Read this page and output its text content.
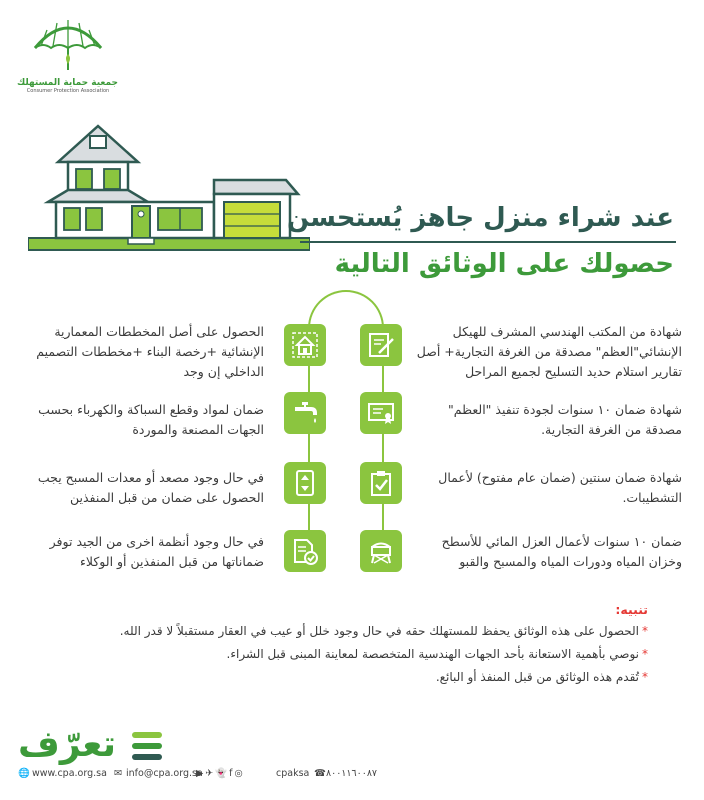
جمعية حماية المستهلك
Consumer Protection Association
عند شراء منزل جاهز يُستحسن
حصولك على الوثائق التالية
شهادة من المكتب الهندسي المشرف للهيكل الإنشائي"العظم" مصدقة من الغرفة التجارية+ أصل تقارير استلام حديد التسليح لجميع المراحل
شهادة ضمان ١٠ سنوات لجودة تنفيذ "العظم" مصدقة من الغرفة التجارية.
شهادة ضمان سنتين (ضمان عام مفتوح) لأعمال التشطيبات.
ضمان ١٠ سنوات لأعمال العزل المائي للأسطح وخزان المياه ودورات المياه والمسبح والقبو
الحصول على أصل المخططات المعمارية الإنشائية +رخصة البناء +مخططات التصميم الداخلي إن وجد
ضمان لمواد وقطع السباكة والكهرباء بحسب الجهات المصنعة والموردة
في حال وجود مصعد أو معدات المسبح يجب الحصول على ضمان من قبل المنفذين
في حال وجود أنظمة اخرى من الجيد توفر ضماناتها من قبل المنفذين أو الوكلاء
تنبيه:
*الحصول على هذه الوثائق يحفظ للمستهلك حقه في حال وجود خلل أو عيب في العقار مستقبلاً لا قدر الله.
*نوصي بأهمية الاستعانة بأحد الجهات الهندسية المتخصصة لمعاينة المبنى قبل الشراء.
*تُقدم هذه الوثائق من قبل المنفذ أو البائع.
تعرّف
🌐 www.cpa.org.sa ✉ info@cpa.org.sa
▶✈👻f◎	cpaksa ☎ ٨٠٠١١٦٠٠٨٧
